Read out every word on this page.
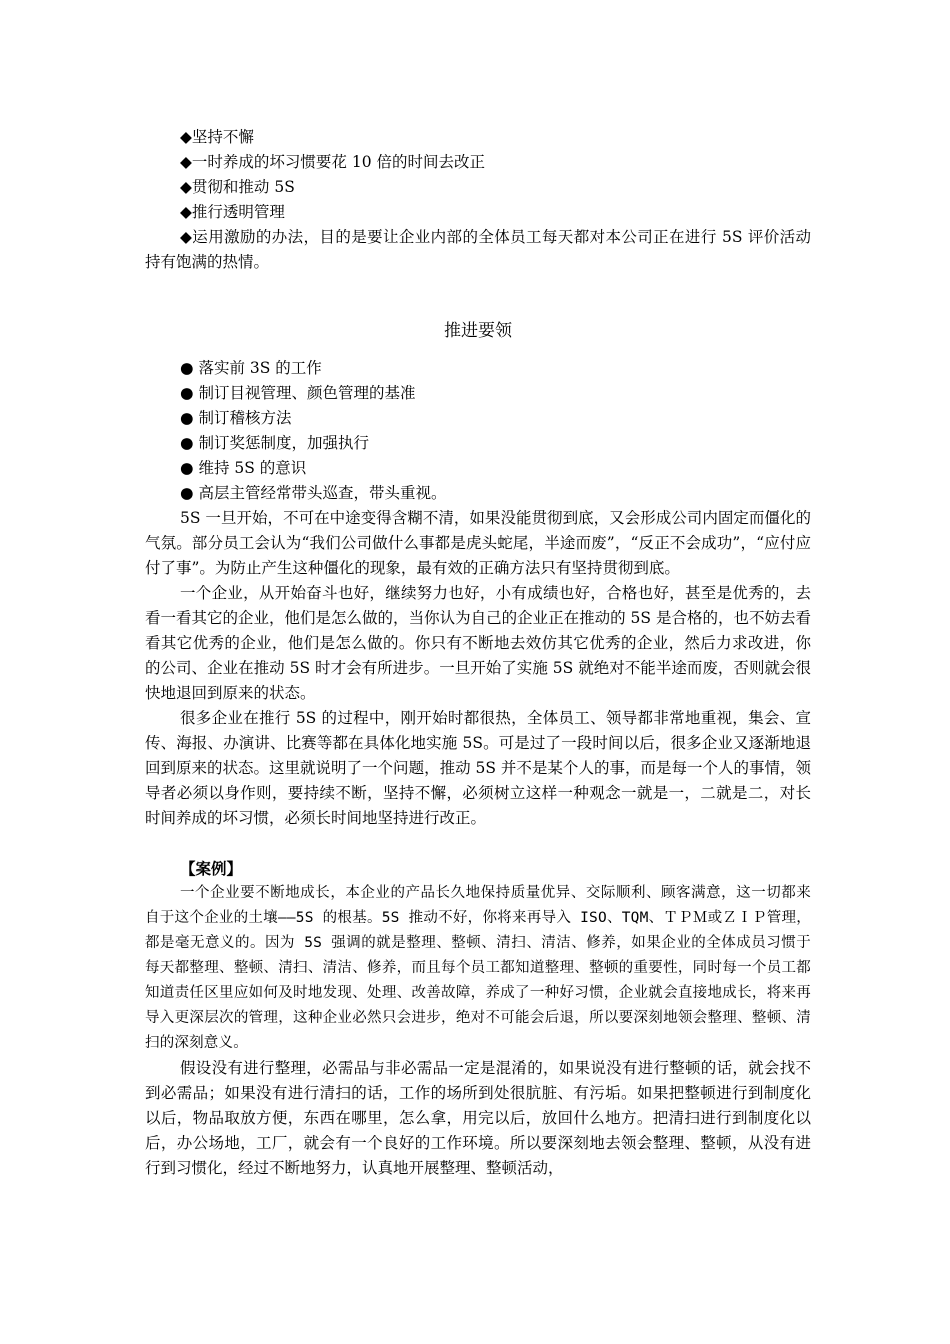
◆坚持不懈
◆一时养成的坏习惯要花 10 倍的时间去改正
◆贯彻和推动 5S
◆推行透明管理

◆运用激励的办法，目的是要让企业内部的全体员工每天都对本公司正在进行 5S 评价活动持有饱满的热情。

推进要领
● 落实前 3S 的工作
● 制订目视管理、颜色管理的基准
● 制订稽核方法
● 制订奖惩制度，加强执行
● 维持 5S 的意识
● 高层主管经常带头巡查，带头重视。

5S 一旦开始，不可在中途变得含糊不清，如果没能贯彻到底，又会形成公司内固定而僵化的气氛。部分员工会认为“我们公司做什么事都是虎头蛇尾，半途而废”，“反正不会成功”，“应付应付了事”。为防止产生这种僵化的现象，最有效的正确方法只有坚持贯彻到底。

一个企业，从开始奋斗也好，继续努力也好，小有成绩也好，合格也好，甚至是优秀的，去看一看其它的企业，他们是怎么做的，当你认为自己的企业正在推动的 5S 是合格的，也不妨去看看其它优秀的企业，他们是怎么做的。你只有不断地去效仿其它优秀的企业，然后力求改进，你的公司、企业在推动 5S 时才会有所进步。一旦开始了实施 5S 就绝对不能半途而废，否则就会很快地退回到原来的状态。

很多企业在推行 5S 的过程中，刚开始时都很热，全体员工、领导都非常地重视，集会、宣传、海报、办演讲、比赛等都在具体化地实施 5S。可是过了一段时间以后，很多企业又逐渐地退回到原来的状态。这里就说明了一个问题，推动 5S 并不是某个人的事，而是每一个人的事情，领导者必须以身作则，要持续不断，坚持不懈，必须树立这样一种观念一就是一，二就是二，对长时间养成的坏习惯，必须长时间地坚持进行改正。

【案例】

一个企业要不断地成长，本企业的产品长久地保持质量优异、交际顺利、顾客满意，这一切都来自于这个企业的土壤——5S 的根基。5S 推动不好，你将来再导入 ISO、TQM、ＴＰＭ或ＺＩＰ管理，都是毫无意义的。因为 5S 强调的就是整理、整顿、清扫、清洁、修养，如果企业的全体成员习惯于每天都整理、整顿、清扫、清洁、修养，而且每个员工都知道整理、整顿的重要性，同时每一个员工都知道责任区里应如何及时地发现、处理、改善故障，养成了一种好习惯，企业就会直接地成长，将来再导入更深层次的管理，这种企业必然只会进步，绝对不可能会后退，所以要深刻地领会整理、整顿、清扫的深刻意义。

假设没有进行整理，必需品与非必需品一定是混淆的，如果说没有进行整顿的话，就会找不到必需品；如果没有进行清扫的话，工作的场所到处很肮脏、有污垢。如果把整顿进行到制度化以后，物品取放方便，东西在哪里，怎么拿，用完以后，放回什么地方。把清扫进行到制度化以后，办公场地，工厂，就会有一个良好的工作环境。所以要深刻地去领会整理、整顿，从没有进行到习惯化，经过不断地努力，认真地开展整理、整顿活动，
